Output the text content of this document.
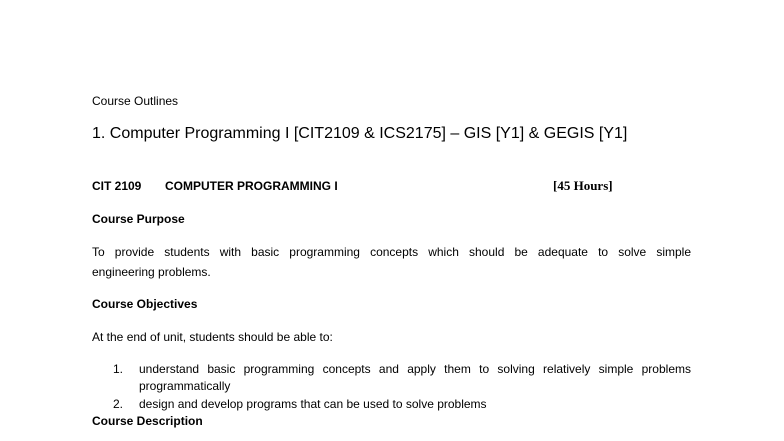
Course Outlines
1. Computer Programming I [CIT2109 & ICS2175] – GIS [Y1] & GEGIS [Y1]
CIT 2109 COMPUTER PROGRAMMING I	[45 Hours]
Course Purpose
To provide students with basic programming concepts which should be adequate to solve simple
engineering problems.
Course Objectives
At the end of unit, students should be able to:
1. understand basic programming concepts and apply them to solving relatively simple problems
programmatically
2. design and develop programs that can be used to solve problems
Course Description
